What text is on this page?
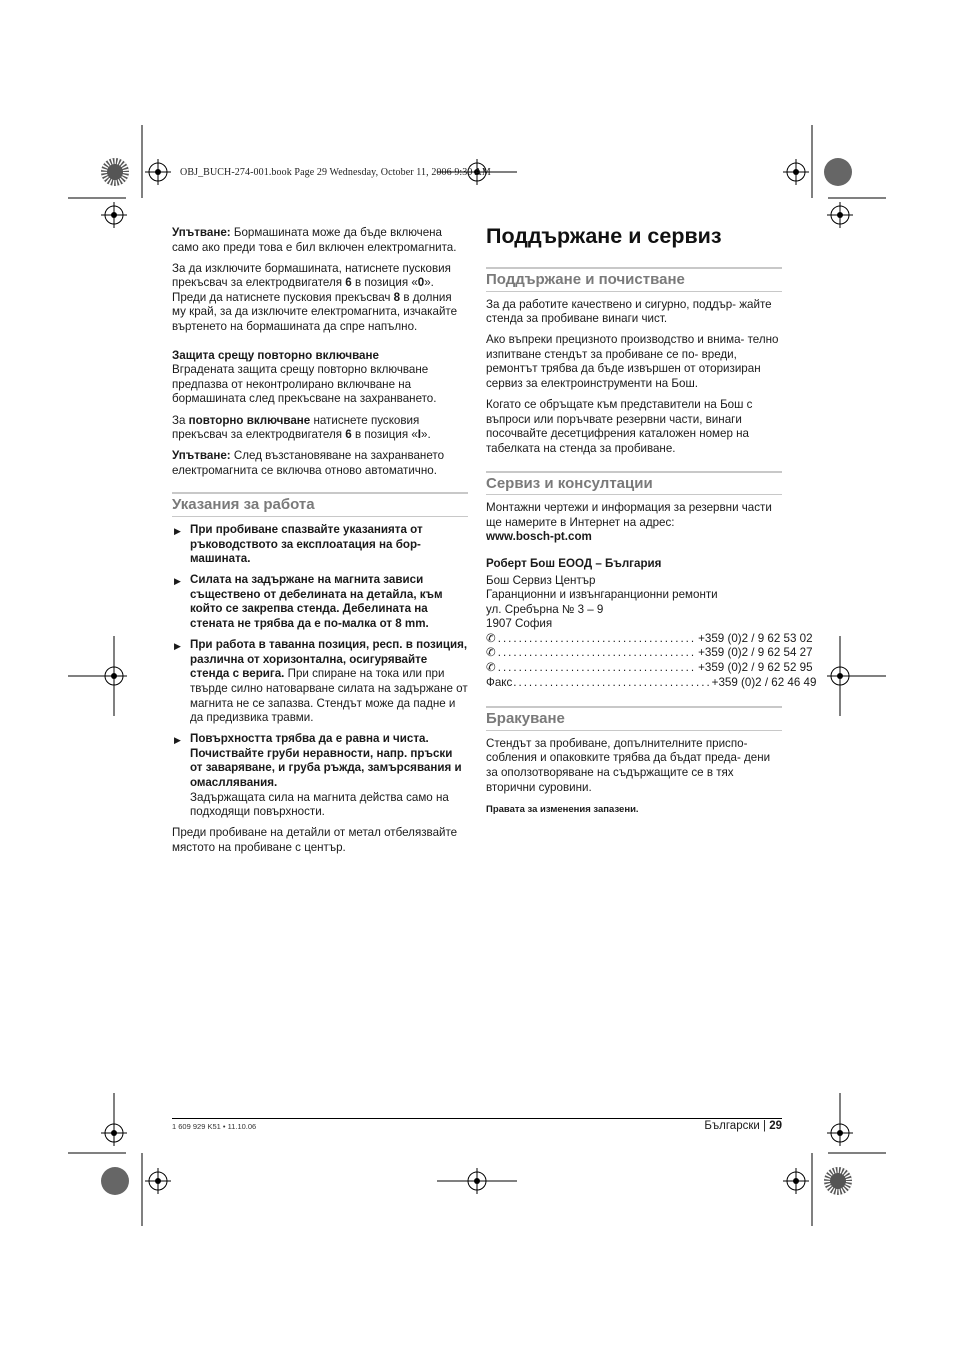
OBJ_BUCH-274-001.book Page 29 Wednesday, October 11, 2006 9:30 AM

Упътване: Бормашината може да бъде включена само ако преди това е бил включен електромагнита.

За да изключите бормашината, натиснете пусковия прекъсвач за електродвигателя 6 в позиция «0».

Преди да натиснете пусковия прекъсвач 8 в долния му край, за да изключите електромагнита, изчакайте въртенето на бормашината да спре напълно.

Защита срещу повторно включване

Вградената защита срещу повторно включване предпазва от неконтролирано включване на бормашината след прекъсване на захранването.

За повторно включване натиснете пусковия прекъсвач за електродвигателя 6 в позиция «I».

Упътване: След възстановяване на захранването електромагнита се включва отново автоматично.

Указания за работа
▶ При пробиване спазвайте указанията от ръководството за експлоатация на бор- машината.
▶ Силата на задържане на магнита зависи съществено от дебелината на детайла, към който се закрепва стенда. Дебелината на стената не трябва да е по-малка от 8 mm.
▶ При работа в таванна позиция, респ. в позиция, различна от хоризонтална, осигурявайте стенда с верига. При спиране на тока или при твърде силно натоварване силата на задържане от магнита не се запазва. Стендът може да падне и да предизвика травми.
▶ Повърхността трябва да е равна и чиста. Почиствайте груби неравности, напр. пръски от заваряване, и груба ръжда, замърсявания и омасллявания.
Задържащата сила на магнита действа само на подходящи повърхности.

Преди пробиване на детайли от метал отбелязвайте мястото на пробиване с център.

Поддържане и сервиз
Поддържане и почистване

За да работите качествено и сигурно, поддър- жайте стенда за пробиване винаги чист.

Ако въпреки прецизното производство и внима- телно изпитване стендът за пробиване се по- вреди, ремонтът трябва да бъде извършен от оторизиран сервиз за електроинструменти на Бош.

Когато се обръщате към представители на Бош с въпроси или поръчвате резервни части, винаги посочвайте десетцифрения каталожен номер на табелката на стенда за пробиване.

Сервиз и консултации

Монтажни чертежи и информация за резервни части ще намерите в Интернет на адрес:
www.bosch-pt.com

Роберт Бош ЕООД – България

Бош Сервиз Център
Гаранционни и извънгаранционни ремонти
ул. Сребърна № 3 – 9
1907 София
✆ ...................................... +359 (0)2 / 9 62 53 02
✆ ...................................... +359 (0)2 / 9 62 54 27
✆ ...................................... +359 (0)2 / 9 62 52 95
Факс ...................................... +359 (0)2 / 62 46 49
Бракуване

Стендът за пробиване, допълнителните приспо- собления и опаковките трябва да бъдат преда- дени за оползотворяване на съдържащите се в тях вторични суровини.

Правата за изменения запазени.

1 609 929 K51 • 11.10.06	Български | 29
